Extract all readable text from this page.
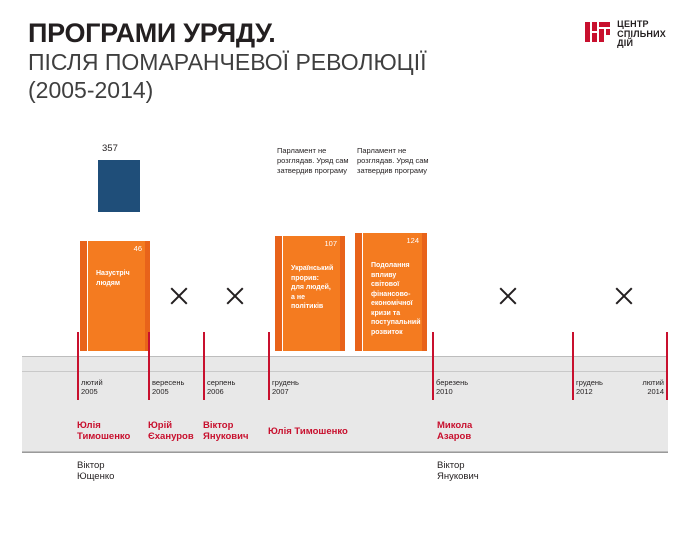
ПРОГРАМИ УРЯДУ.
ПІСЛЯ ПОМАРАНЧЕВОЇ РЕВОЛЮЦІЇ
(2005-2014)
ЦЕНТР
СПІЛЬНИХ
ДІЙ
357	Парламент не розглядав. Уряд сам затвердив програму
Парламент не розглядав. Уряд сам затвердив програму
46
Назустріч людям
107
Український прорив: для людей, а не політиків
124
Подолання впливу світової фінансово-економічної кризи та поступальний розвиток
лютий
2005
вересень
2005
серпень
2006
грудень
2007
березень
2010
грудень
2012
лютий
2014
Юлія
Тимошенко
Юрій
Єхануров
Віктор
Янукович Юлія Тимошенко
Микола
Азаров
Віктор
Ющенко
Віктор
Янукович
